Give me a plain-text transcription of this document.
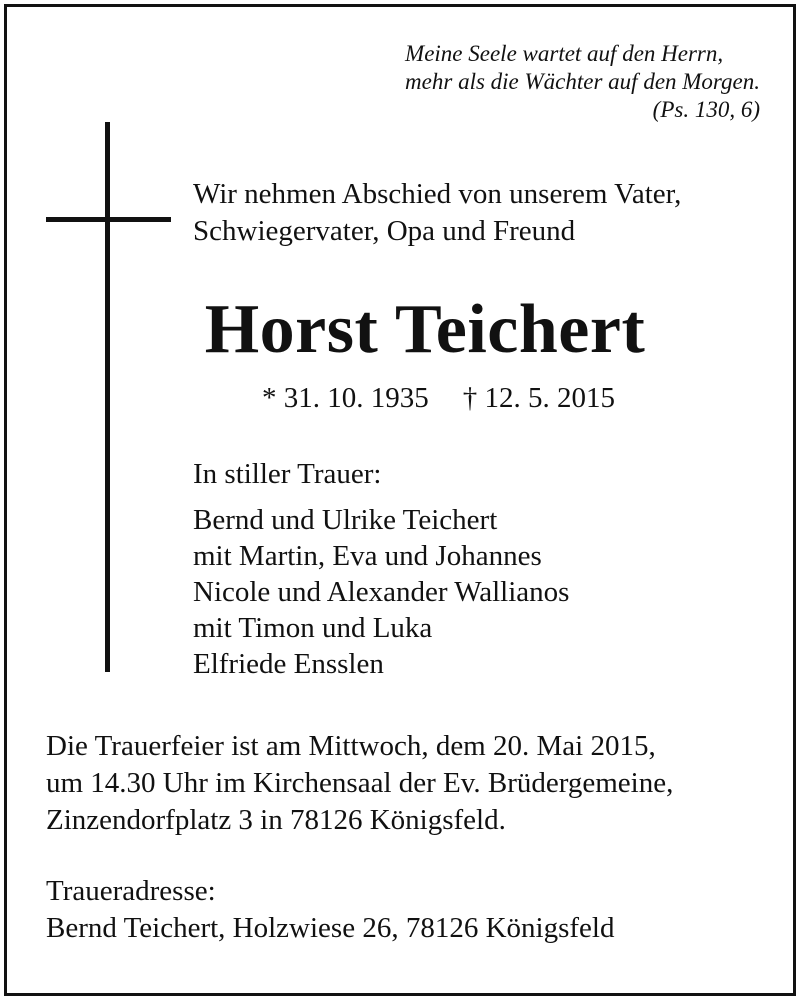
Meine Seele wartet auf den Herrn,
mehr als die Wächter auf den Morgen.
(Ps. 130, 6)
Wir nehmen Abschied von unserem Vater,
Schwiegervater, Opa und Freund
Horst Teichert
* 31. 10. 1935 † 12. 5. 2015
In stiller Trauer:
Bernd und Ulrike Teichert
mit Martin, Eva und Johannes
Nicole und Alexander Wallianos
mit Timon und Luka
Elfriede Ensslen
Die Trauerfeier ist am Mittwoch, dem 20. Mai 2015,
um 14.30 Uhr im Kirchensaal der Ev. Brüdergemeine,
Zinzendorfplatz 3 in 78126 Königsfeld.
Traueradresse:
Bernd Teichert, Holzwiese 26, 78126 Königsfeld
